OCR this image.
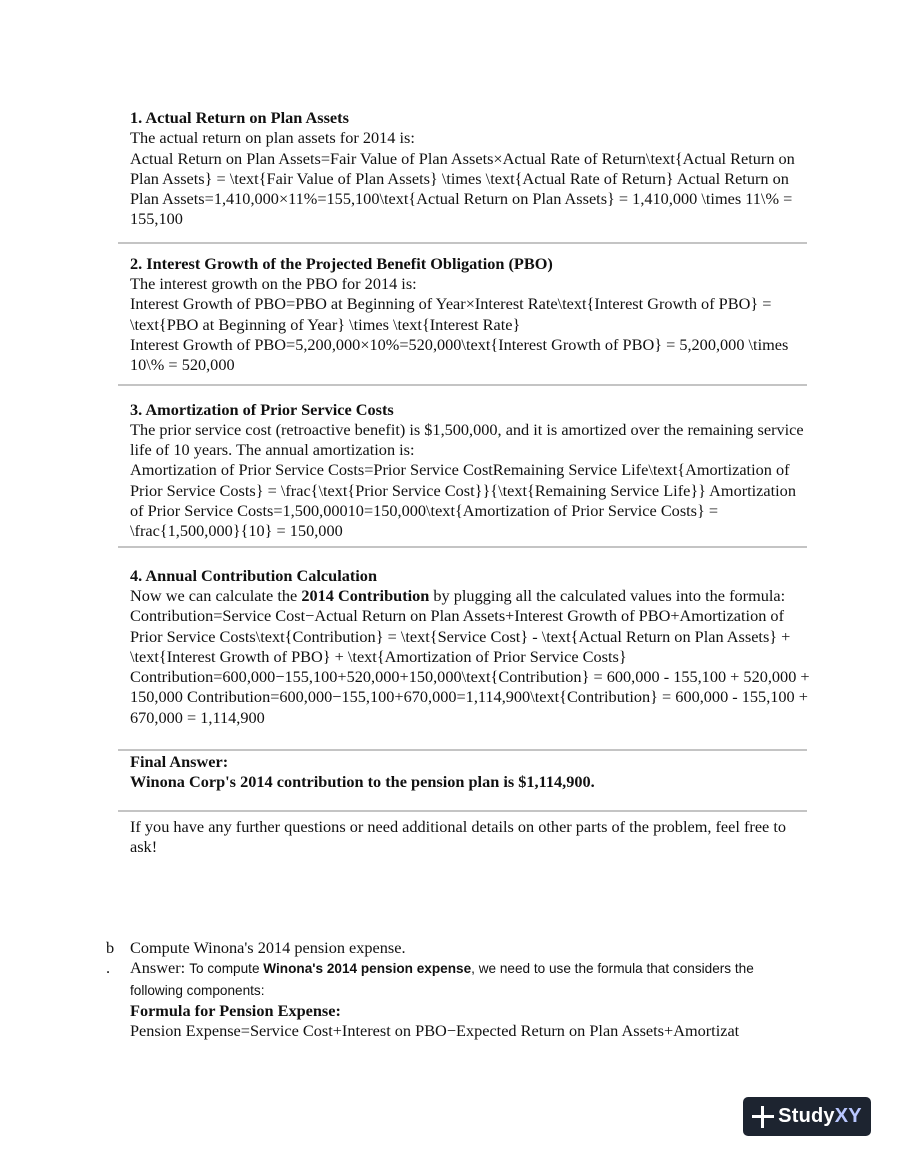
1. Actual Return on Plan Assets

The actual return on plan assets for 2014 is:

Actual Return on Plan Assets=Fair Value of Plan Assets×Actual Rate of Return\text{Actual Return on Plan Assets} = \text{Fair Value of Plan Assets} \times \text{Actual Rate of Return} Actual Return on Plan Assets=1,410,000×11%=155,100\text{Actual Return on Plan Assets} = 1,410,000 \times 11\% = 155,100

2. Interest Growth of the Projected Benefit Obligation (PBO)

The interest growth on the PBO for 2014 is:

Interest Growth of PBO=PBO at Beginning of Year×Interest Rate\text{Interest Growth of PBO} = \text{PBO at Beginning of Year} \times \text{Interest Rate}

Interest Growth of PBO=5,200,000×10%=520,000\text{Interest Growth of PBO} = 5,200,000 \times 10\% = 520,000

3. Amortization of Prior Service Costs

The prior service cost (retroactive benefit) is $1,500,000, and it is amortized over the remaining service life of 10 years. The annual amortization is:

Amortization of Prior Service Costs=Prior Service CostRemaining Service Life\text{Amortization of Prior Service Costs} = \frac{\text{Prior Service Cost}}{\text{Remaining Service Life}} Amortization of Prior Service Costs=1,500,00010=150,000\text{Amortization of Prior Service Costs} = \frac{1,500,000}{10} = 150,000

4. Annual Contribution Calculation

Now we can calculate the 2014 Contribution by plugging all the calculated values into the formula:

Contribution=Service Cost−Actual Return on Plan Assets+Interest Growth of PBO+Amortization of Prior Service Costs\text{Contribution} = \text{Service Cost} - \text{Actual Return on Plan Assets} + \text{Interest Growth of PBO} + \text{Amortization of Prior Service Costs} Contribution=600,000−155,100+520,000+150,000\text{Contribution} = 600,000 - 155,100 + 520,000 + 150,000 Contribution=600,000−155,100+670,000=1,114,900\text{Contribution} = 600,000 - 155,100 + 670,000 = 1,114,900

Final Answer:

Winona Corp's 2014 contribution to the pension plan is $1,114,900.

If you have any further questions or need additional details on other parts of the problem, feel free to ask!

b
.
Compute Winona's 2014 pension expense.
Answer: To compute Winona's 2014 pension expense, we need to use the formula that considers the following components:
Formula for Pension Expense:
Pension Expense=Service Cost+Interest on PBO−Expected Return on Plan Assets+Amortizat
StudyXY
